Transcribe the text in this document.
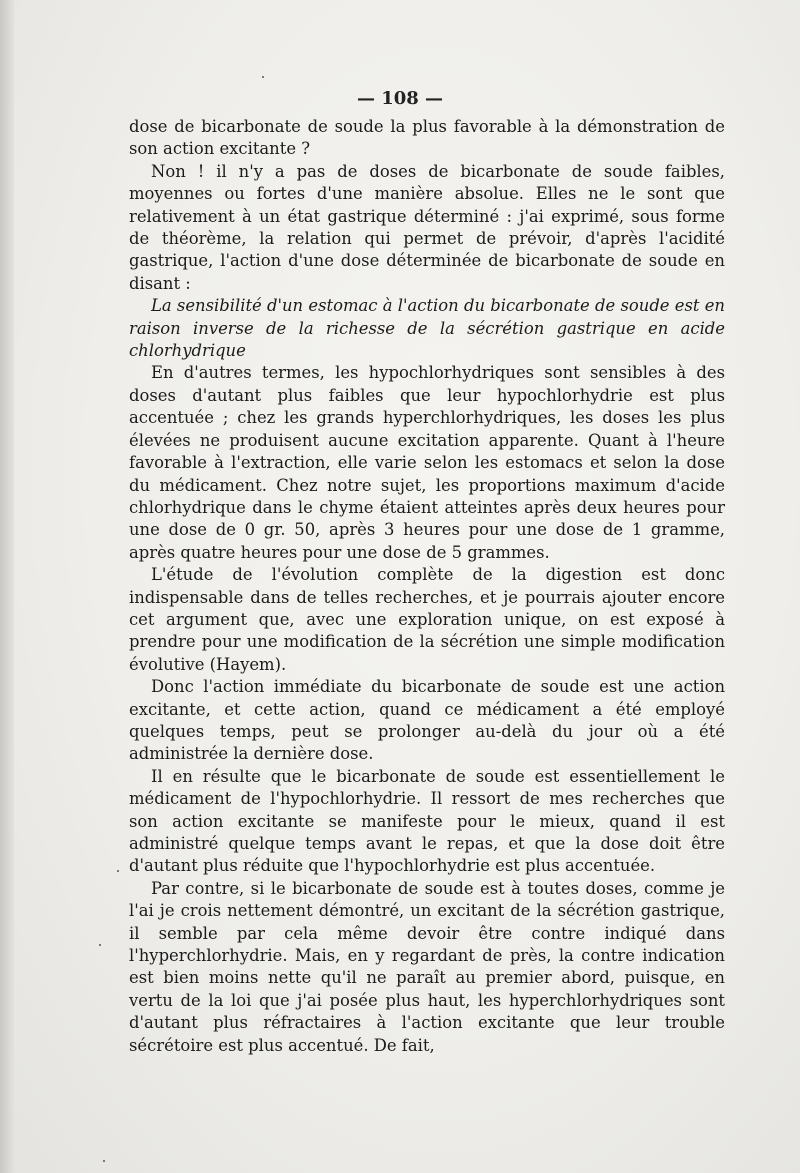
— 108 —

dose de bicarbonate de soude la plus favorable à la démonstration de son action excitante ?

Non ! il n'y a pas de doses de bicarbonate de soude faibles, moyennes ou fortes d'une manière absolue. Elles ne le sont que relativement à un état gastrique déterminé : j'ai exprimé, sous forme de théorème, la relation qui permet de prévoir, d'après l'acidité gastrique, l'action d'une dose déterminée de bicarbonate de soude en disant :

La sensibilité d'un estomac à l'action du bicarbonate de soude est en raison inverse de la richesse de la sécrétion gastrique en acide chlorhydrique

En d'autres termes, les hypochlorhydriques sont sensibles à des doses d'autant plus faibles que leur hypochlorhydrie est plus accentuée ; chez les grands hyperchlorhydriques, les doses les plus élevées ne produisent aucune excitation apparente. Quant à l'heure favorable à l'extraction, elle varie selon les estomacs et selon la dose du médicament. Chez notre sujet, les proportions maximum d'acide chlorhydrique dans le chyme étaient atteintes après deux heures pour une dose de 0 gr. 50, après 3 heures pour une dose de 1 gramme, après quatre heures pour une dose de 5 grammes.

L'étude de l'évolution complète de la digestion est donc indispensable dans de telles recherches, et je pourrais ajouter encore cet argument que, avec une exploration unique, on est exposé à prendre pour une modification de la sécrétion une simple modification évolutive (Hayem).

Donc l'action immédiate du bicarbonate de soude est une action excitante, et cette action, quand ce médicament a été employé quelques temps, peut se prolonger au-delà du jour où a été administrée la dernière dose.

Il en résulte que le bicarbonate de soude est essentiellement le médicament de l'hypochlorhydrie. Il ressort de mes recherches que son action excitante se manifeste pour le mieux, quand il est administré quelque temps avant le repas, et que la dose doit être d'autant plus réduite que l'hypochlorhydrie est plus accentuée.

Par contre, si le bicarbonate de soude est à toutes doses, comme je l'ai je crois nettement démontré, un excitant de la sécrétion gastrique, il semble par cela même devoir être contre indiqué dans l'hyperchlorhydrie. Mais, en y regardant de près, la contre indication est bien moins nette qu'il ne paraît au premier abord, puisque, en vertu de la loi que j'ai posée plus haut, les hyperchlorhydriques sont d'autant plus réfractaires à l'action excitante que leur trouble sécrétoire est plus accentué. De fait,
